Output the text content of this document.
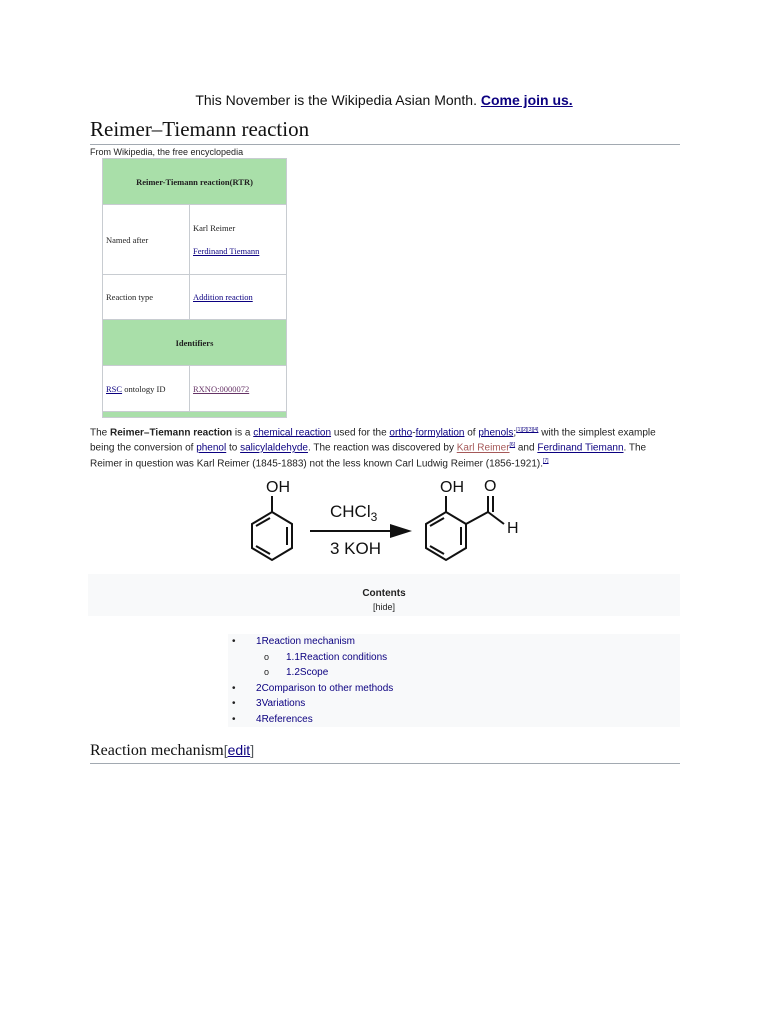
This November is the Wikipedia Asian Month. Come join us.
Reimer–Tiemann reaction
From Wikipedia, the free encyclopedia
Reimer-Tiemann reaction(RTR)	
Named after	Karl Reimer
Ferdinand Tiemann

Reaction type	Addition reaction
Identifiers	
RSC ontology ID	RXNO:0000072

The Reimer–Tiemann reaction is a chemical reaction used for the ortho-formylation of phenols;[1][2][3][4] with the simplest example being the conversion of phenol to salicylaldehyde. The reaction was discovered by Karl Reimer[6] and Ferdinand Tiemann. The Reimer in question was Karl Reimer (1845-1883) not the less known Carl Ludwig Reimer (1856-1921).[7]
OH
CHCl$_3$
3 KOH
OH O
H
Contents
[hide]
• 1Reaction mechanism
o 1.1Reaction conditions
o 1.2Scope
• 2Comparison to other methods
• 3Variations
• 4References
Reaction mechanism[edit]
